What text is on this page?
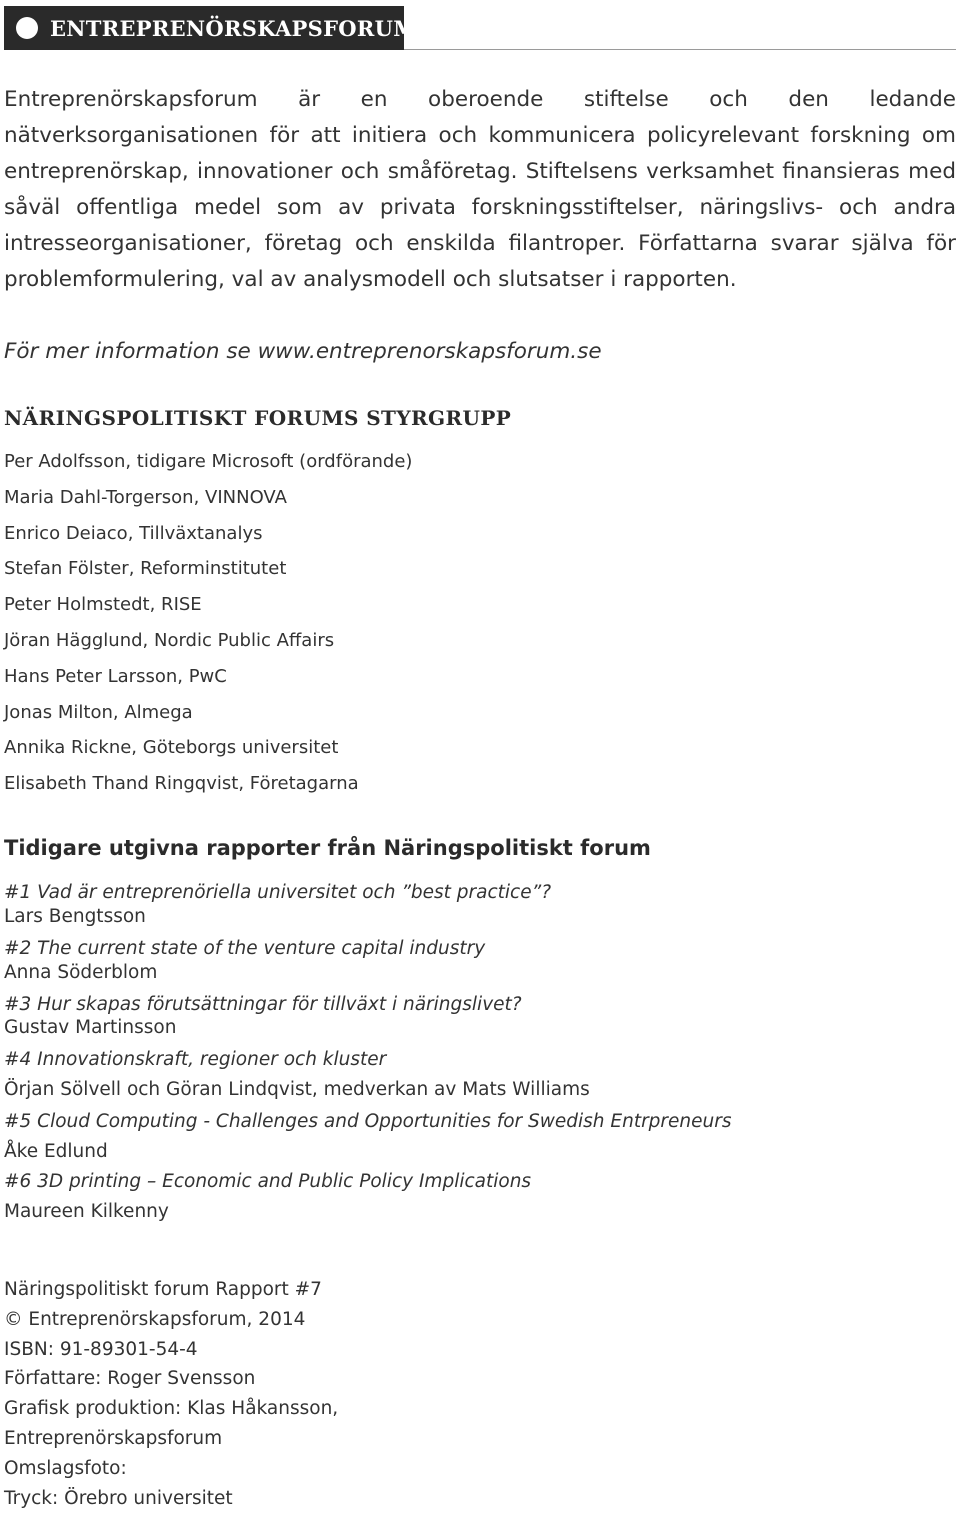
ENTREPRENÖRSKAPSFORUM

Entreprenörskapsforum är en oberoende stiftelse och den ledande nätverksorganisationen för att initiera och kommunicera policyrelevant forskning om entreprenörskap, innovationer och småföretag. Stiftelsens verksamhet finansieras med såväl offentliga medel som av privata forskningsstiftelser, näringslivs- och andra intresseorganisationer, företag och enskilda filantroper. Författarna svarar själva för problemformulering, val av analysmodell och slutsatser i rapporten.

För mer information se www.entreprenorskapsforum.se

NÄRINGSPOLITISKT FORUMS STYRGRUPP
Per Adolfsson, tidigare Microsoft (ordförande)
Maria Dahl-Torgerson, VINNOVA
Enrico Deiaco, Tillväxtanalys
Stefan Fölster, Reforminstitutet
Peter Holmstedt, RISE
Jöran Hägglund, Nordic Public Affairs
Hans Peter Larsson, PwC
Jonas Milton, Almega
Annika Rickne, Göteborgs universitet
Elisabeth Thand Ringqvist, Företagarna
Tidigare utgivna rapporter från Näringspolitiskt forum

#1 Vad är entreprenöriella universitet och ”best practice”?

Lars Bengtsson

#2 The current state of the venture capital industry

Anna Söderblom

#3 Hur skapas förutsättningar för tillväxt i näringslivet?

Gustav Martinsson

#4 Innovationskraft, regioner och kluster

Örjan Sölvell och Göran Lindqvist, medverkan av Mats Williams

#5 Cloud Computing - Challenges and Opportunities for Swedish Entrpreneurs

Åke Edlund

#6 3D printing – Economic and Public Policy Implications

Maureen Kilkenny

Näringspolitiskt forum Rapport #7
© Entreprenörskapsforum, 2014
ISBN: 91-89301-54-4
Författare: Roger Svensson
Grafisk produktion: Klas Håkansson,
Entreprenörskapsforum
Omslagsfoto:
Tryck: Örebro universitet
